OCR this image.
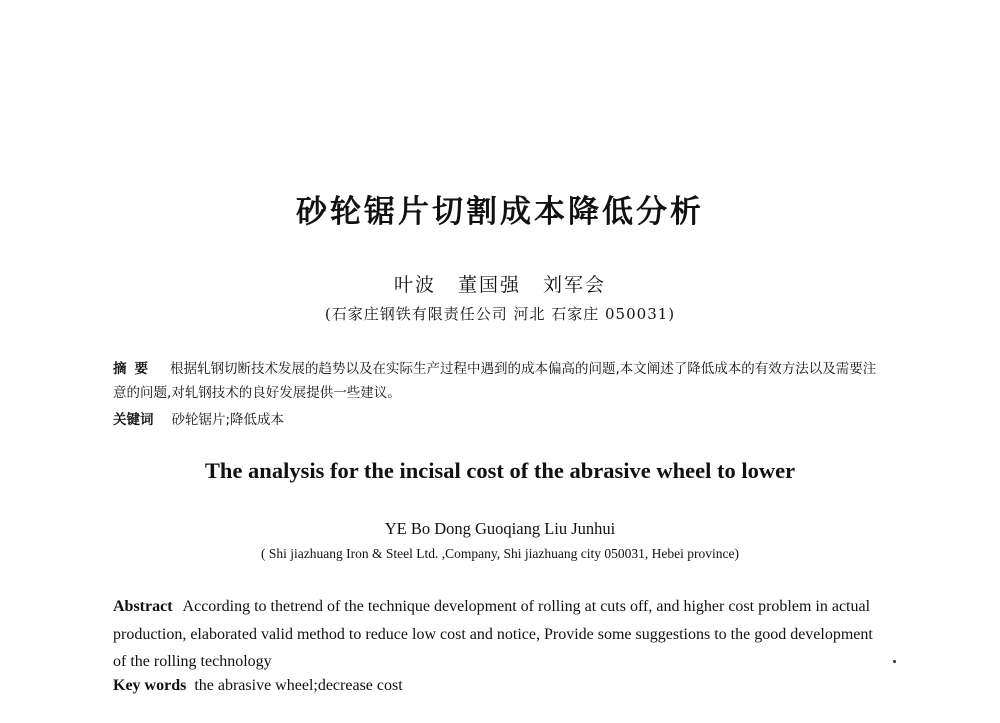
砂轮锯片切割成本降低分析
叶波 董国强 刘军会
(石家庄钢铁有限责任公司 河北 石家庄 050031)
摘要 根据轧钢切断技术发展的趋势以及在实际生产过程中遇到的成本偏高的问题,本文阐述了降低成本的有效方法以及需要注意的问题,对轧钢技术的良好发展提供一些建议。
关键词 砂轮锯片;降低成本
The analysis for the incisal cost of the abrasive wheel to lower
YE Bo Dong Guoqiang Liu Junhui
( Shi jiazhuang Iron & Steel Ltd. ,Company, Shi jiazhuang city 050031, Hebei province)
Abstract According to thetrend of the technique development of rolling at cuts off, and higher cost problem in actual production, elaborated valid method to reduce low cost and notice, Provide some suggestions to the good development of the rolling technology
Key words the abrasive wheel;decrease cost
